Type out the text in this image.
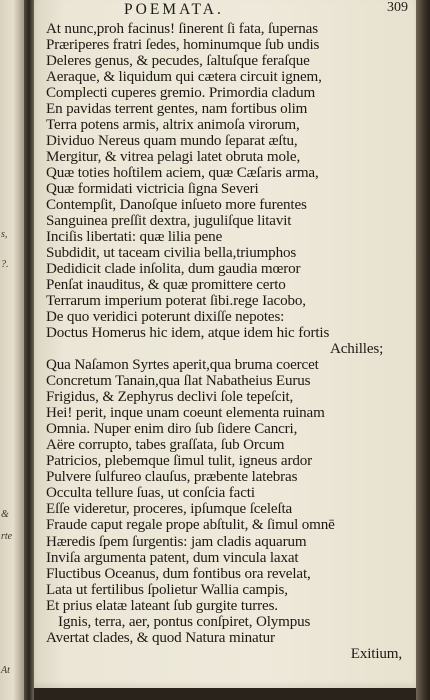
s,
?.
&
rte
At
POEMATA.	309
At nunc,proh facinus! ſinerent ſi fata, ſupernas
Præriperes fratri ſedes, hominumque ſub undis
Deleres genus, & pecudes, ſaltuſque feraſque
Aeraque, & liquidum qui cætera circuit ignem,
Complecti cuperes gremio. Primordia cladum
En pavidas terrent gentes, nam fortibus olim
Terra potens armis, altrix animoſa virorum,
Dividuo Nereus quam mundo ſeparat æſtu,
Mergitur, & vitrea pelagi latet obruta mole,
Quæ toties hoſtilem aciem, quæ Cæſaris arma,
Quæ formidati victricia ſigna Severi
Contempſit, Danoſque inſueto more furentes
Sanguinea preſſit dextra, juguliſque litavit
Inciſis libertati: quæ lilia pene
Subdidit, ut taceam civilia bella,triumphos
Dedidicit clade inſolita, dum gaudia mœror
Penſat inauditus, & quæ promittere certo
Terrarum imperium poterat ſibi.rege Iacobo,
De quo veridici poterunt dixiſſe nepotes:
Doctus Homerus hic idem, atque idem hic fortis
Achilles;
Qua Naſamon Syrtes aperit,qua bruma coercet
Concretum Tanain,qua ſlat Nabatheius Eurus
Frigidus, & Zephyrus declivi ſole tepeſcit,
Hei! perit, inque unam coeunt elementa ruinam
Omnia. Nuper enim diro ſub ſidere Cancri,
Aëre corrupto, tabes graſſata, ſub Orcum
Patricios, plebemque ſimul tulit, igneus ardor
Pulvere ſulfureo clauſus, præbente latebras
Occulta tellure ſuas, ut conſcia facti
Eſſe videretur, proceres, ipſumque ſceleſta
Fraude caput regale prope abſtulit, & ſimul omnē
Hæredis ſpem ſurgentis: jam cladis aquarum
Inviſa argumenta patent, dum vincula laxat
Fluctibus Oceanus, dum fontibus ora revelat,
Lata ut fertilibus ſpolietur Wallia campis,
Et prius elatæ lateant ſub gurgite turres.
Ignis, terra, aer, pontus conſpiret, Olympus
Avertat clades, & quod Natura minatur
Exitium,
